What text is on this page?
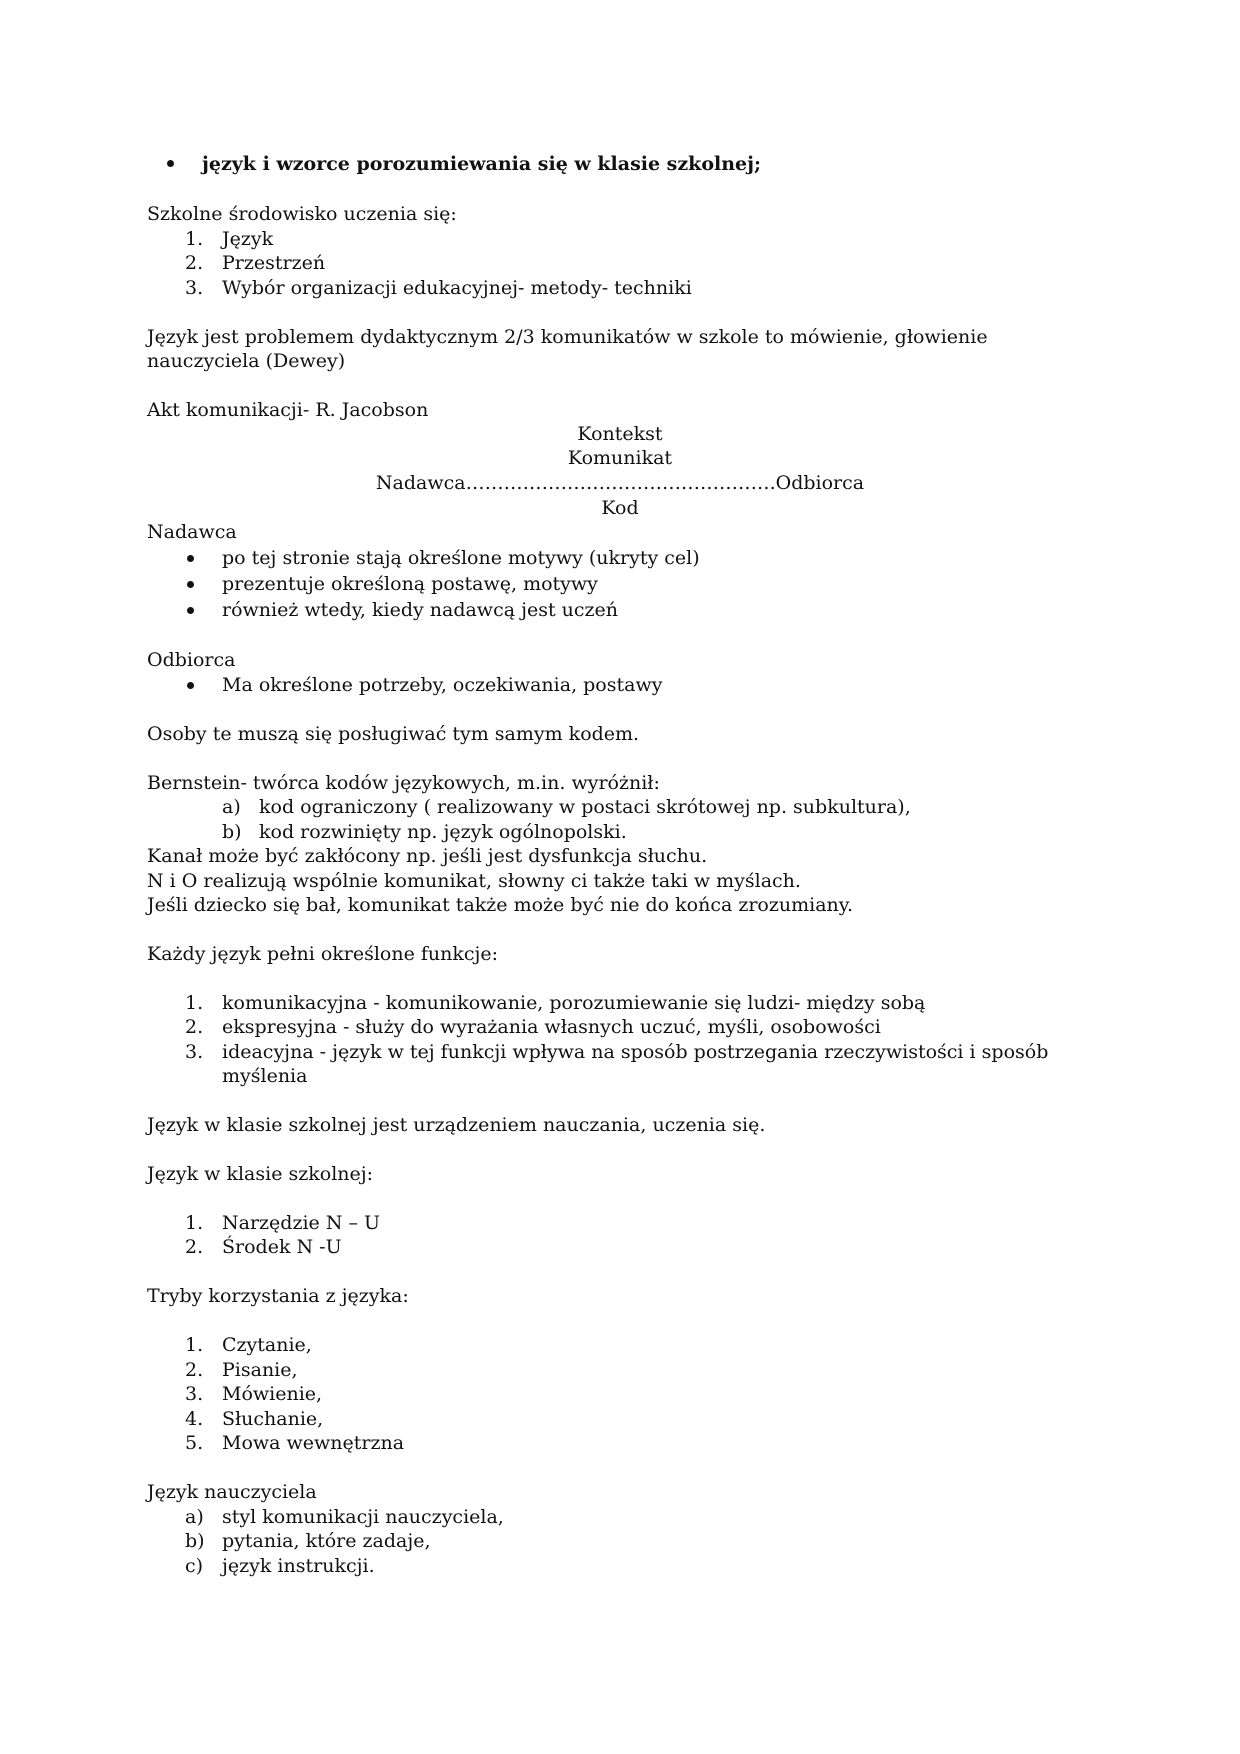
język i wzorce porozumiewania się w klasie szkolnej;
Szkolne środowisko uczenia się:
1. Język
2. Przestrzeń
3. Wybór organizacji edukacyjnej- metody- techniki
Język jest problemem dydaktycznym 2/3 komunikatów w szkole to mówienie, głowienie
nauczyciela (Dewey)
Akt komunikacji- R. Jacobson
Kontekst
Komunikat
Nadawca………………………………………….Odbiorca
Kod
Nadawca
po tej stronie stają określone motywy (ukryty cel)
prezentuje określoną postawę, motywy
również wtedy, kiedy nadawcą jest uczeń
Odbiorca
Ma określone potrzeby, oczekiwania, postawy
Osoby te muszą się posługiwać tym samym kodem.
Bernstein- twórca kodów językowych, m.in. wyróżnił:
a) kod ograniczony ( realizowany w postaci skrótowej np. subkultura),
b) kod rozwinięty np. język ogólnopolski.
Kanał może być zakłócony np. jeśli jest dysfunkcja słuchu.
N i O realizują wspólnie komunikat, słowny ci także taki w myślach.
Jeśli dziecko się bał, komunikat także może być nie do końca zrozumiany.
Każdy język pełni określone funkcje:
1. komunikacyjna - komunikowanie, porozumiewanie się ludzi- między sobą
2. ekspresyjna - służy do wyrażania własnych uczuć, myśli, osobowości
3. ideacyjna - język w tej funkcji wpływa na sposób postrzegania rzeczywistości i sposób
myślenia
Język w klasie szkolnej jest urządzeniem nauczania, uczenia się.
Język w klasie szkolnej:
1. Narzędzie N – U
2. Środek N -U
Tryby korzystania z języka:
1. Czytanie,
2. Pisanie,
3. Mówienie,
4. Słuchanie,
5. Mowa wewnętrzna
Język nauczyciela
a) styl komunikacji nauczyciela,
b) pytania, które zadaje,
c) język instrukcji.
